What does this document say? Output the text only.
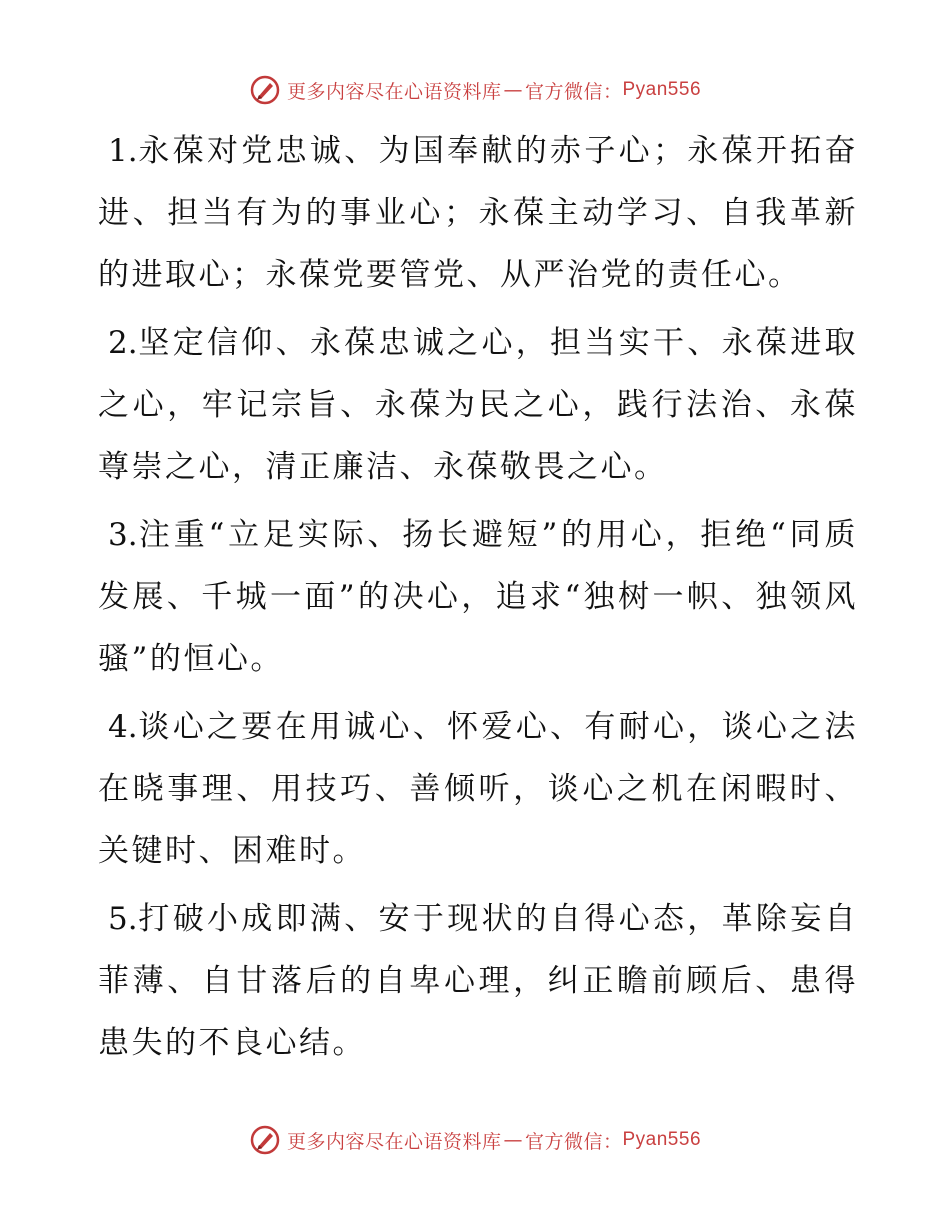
更多内容尽在心语资料库 — 官方微信： Pyan556

1.永葆对党忠诚、为国奉献的赤子心；永葆开拓奋进、担当有为的事业心；永葆主动学习、自我革新的进取心；永葆党要管党、从严治党的责任心。

2.坚定信仰、永葆忠诚之心，担当实干、永葆进取之心，牢记宗旨、永葆为民之心，践行法治、永葆尊崇之心，清正廉洁、永葆敬畏之心。

3.注重“立足实际、扬长避短”的用心，拒绝“同质发展、千城一面”的决心，追求“独树一帜、独领风骚”的恒心。

4.谈心之要在用诚心、怀爱心、有耐心，谈心之法在晓事理、用技巧、善倾听，谈心之机在闲暇时、关键时、困难时。

5.打破小成即满、安于现状的自得心态，革除妄自菲薄、自甘落后的自卑心理，纠正瞻前顾后、患得患失的不良心结。

更多内容尽在心语资料库 — 官方微信： Pyan556
